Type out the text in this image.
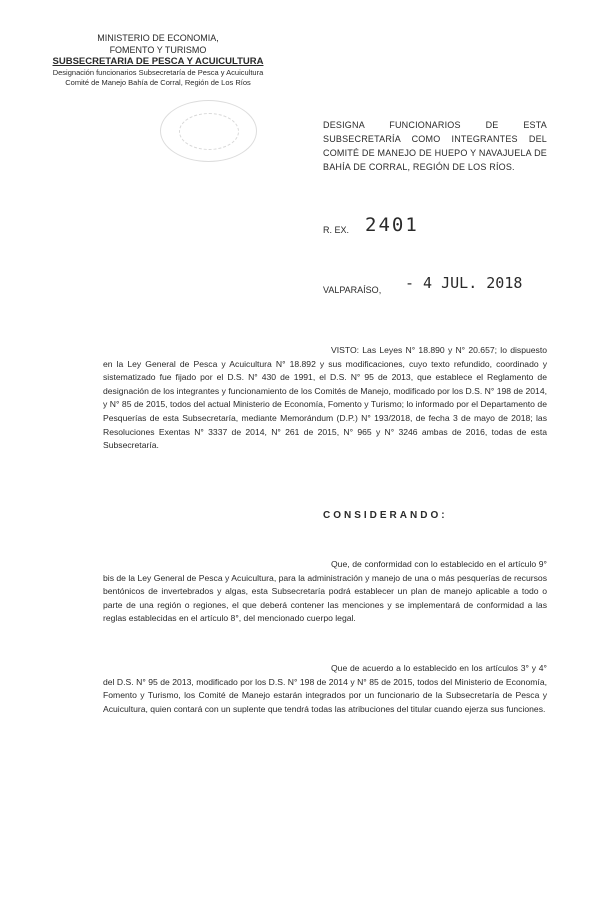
MINISTERIO DE ECONOMIA,
FOMENTO Y TURISMO
SUBSECRETARIA DE PESCA Y ACUICULTURA
Designación funcionarios Subsecretaría de Pesca y Acuicultura
Comité de Manejo Bahía de Corral, Región de Los Ríos
DESIGNA FUNCIONARIOS DE ESTA SUBSECRETARÍA COMO INTEGRANTES DEL COMITÉ DE MANEJO DE HUEPO Y NAVAJUELA DE BAHÍA DE CORRAL, REGIÓN DE LOS RÍOS.
R. EX. 2401
VALPARAÍSO, - 4 JUL. 2018
VISTO: Las Leyes N° 18.890 y N° 20.657; lo dispuesto en la Ley General de Pesca y Acuicultura N° 18.892 y sus modificaciones, cuyo texto refundido, coordinado y sistematizado fue fijado por el D.S. N° 430 de 1991, el D.S. N° 95 de 2013, que establece el Reglamento de designación de los integrantes y funcionamiento de los Comités de Manejo, modificado por los D.S. N° 198 de 2014, y N° 85 de 2015, todos del actual Ministerio de Economía, Fomento y Turismo; lo informado por el Departamento de Pesquerías de esta Subsecretaría, mediante Memorándum (D.P.) N° 193/2018, de fecha 3 de mayo de 2018; las Resoluciones Exentas N° 3337 de 2014, N° 261 de 2015, N° 965 y N° 3246 ambas de 2016, todas de esta Subsecretaría.
CONSIDERANDO:
Que, de conformidad con lo establecido en el artículo 9° bis de la Ley General de Pesca y Acuicultura, para la administración y manejo de una o más pesquerías de recursos bentónicos de invertebrados y algas, esta Subsecretaría podrá establecer un plan de manejo aplicable a todo o parte de una región o regiones, el que deberá contener las menciones y se implementará de conformidad a las reglas establecidas en el artículo 8°, del mencionado cuerpo legal.
Que de acuerdo a lo establecido en los artículos 3° y 4° del D.S. N° 95 de 2013, modificado por los D.S. N° 198 de 2014 y N° 85 de 2015, todos del Ministerio de Economía, Fomento y Turismo, los Comité de Manejo estarán integrados por un funcionario de la Subsecretaría de Pesca y Acuicultura, quien contará con un suplente que tendrá todas las atribuciones del titular cuando ejerza sus funciones.
